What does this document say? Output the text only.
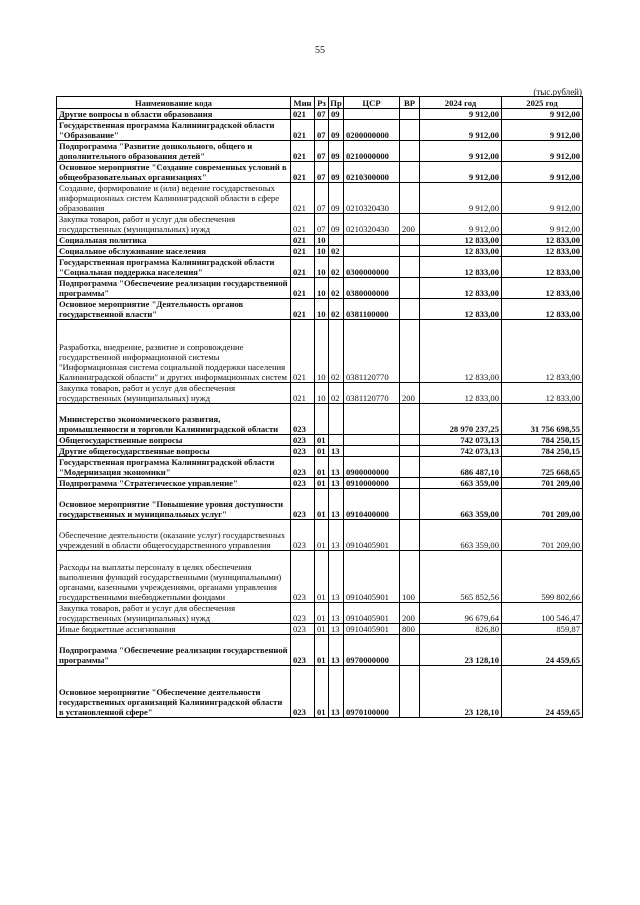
55
(тыс.рублей)
Наименование кода	Мин	Рз	Пр	ЦСР	ВР	2024 год	2025 год
Другие вопросы в области образования	021	07	09			9 912,00	9 912,00
Государственная программа Калининградской области "Образование"	021	07	09	0200000000		9 912,00	9 912,00
Подпрограмма "Развитие дошкольного, общего и дополнительного образования детей"	021	07	09	0210000000		9 912,00	9 912,00
Основное мероприятие "Создание современных условий в общеобразовательных организациях"	021	07	09	0210300000		9 912,00	9 912,00
Создание, формирование и (или) ведение государственных информационных систем Калининградской области в сфере образования	021	07	09	0210320430		9 912,00	9 912,00
Закупка товаров, работ и услуг для обеспечения государственных (муниципальных) нужд	021	07	09	0210320430	200	9 912,00	9 912,00
Социальная политика	021	10				12 833,00	12 833,00
Социальное обслуживание населения	021	10	02			12 833,00	12 833,00
Государственная программа Калининградской области "Социальная поддержка населения"	021	10	02	0300000000		12 833,00	12 833,00
Подпрограмма "Обеспечение реализации государственной программы"	021	10	02	0380000000		12 833,00	12 833,00
Основное мероприятие "Деятельность органов государственной власти"	021	10	02	0381100000		12 833,00	12 833,00
Разработка, внедрение, развитие и сопровождение государственной информационной системы "Информационная система социальной поддержки населения Калининградской области" и других информационных систем	021	10	02	0381120770		12 833,00	12 833,00
Закупка товаров, работ и услуг для обеспечения государственных (муниципальных) нужд	021	10	02	0381120770	200	12 833,00	12 833,00
Министерство экономического развития, промышленности и торговли Калининградской области	023					28 970 237,25	31 756 698,55
Общегосударственные вопросы	023	01				742 073,13	784 250,15
Другие общегосударственные вопросы	023	01	13			742 073,13	784 250,15
Государственная программа Калининградской области "Модернизация экономики"	023	01	13	0900000000		686 487,10	725 668,65
Подпрограмма "Стратегическое управление"	023	01	13	0910000000		663 359,00	701 209,00
Основное мероприятие "Повышение уровня доступности государственных и муниципальных услуг"	023	01	13	0910400000		663 359,00	701 209,00
Обеспечение деятельности (оказание услуг) государственных учреждений в области общегосударственного управления	023	01	13	0910405901		663 359,00	701 209,00
Расходы на выплаты персоналу в целях обеспечения выполнения функций государственными (муниципальными) органами, казенными учреждениями, органами управления государственными внебюджетными фондами	023	01	13	0910405901	100	565 852,56	599 802,66
Закупка товаров, работ и услуг для обеспечения государственных (муниципальных) нужд	023	01	13	0910405901	200	96 679,64	100 546,47
Иные бюджетные ассигнования	023	01	13	0910405901	800	826,80	859,87
Подпрограмма "Обеспечение реализации государственной программы"	023	01	13	0970000000		23 128,10	24 459,65
Основное мероприятие "Обеспечение деятельности государственных организаций Калининградской области в установленной сфере"	023	01	13	0970100000		23 128,10	24 459,65
